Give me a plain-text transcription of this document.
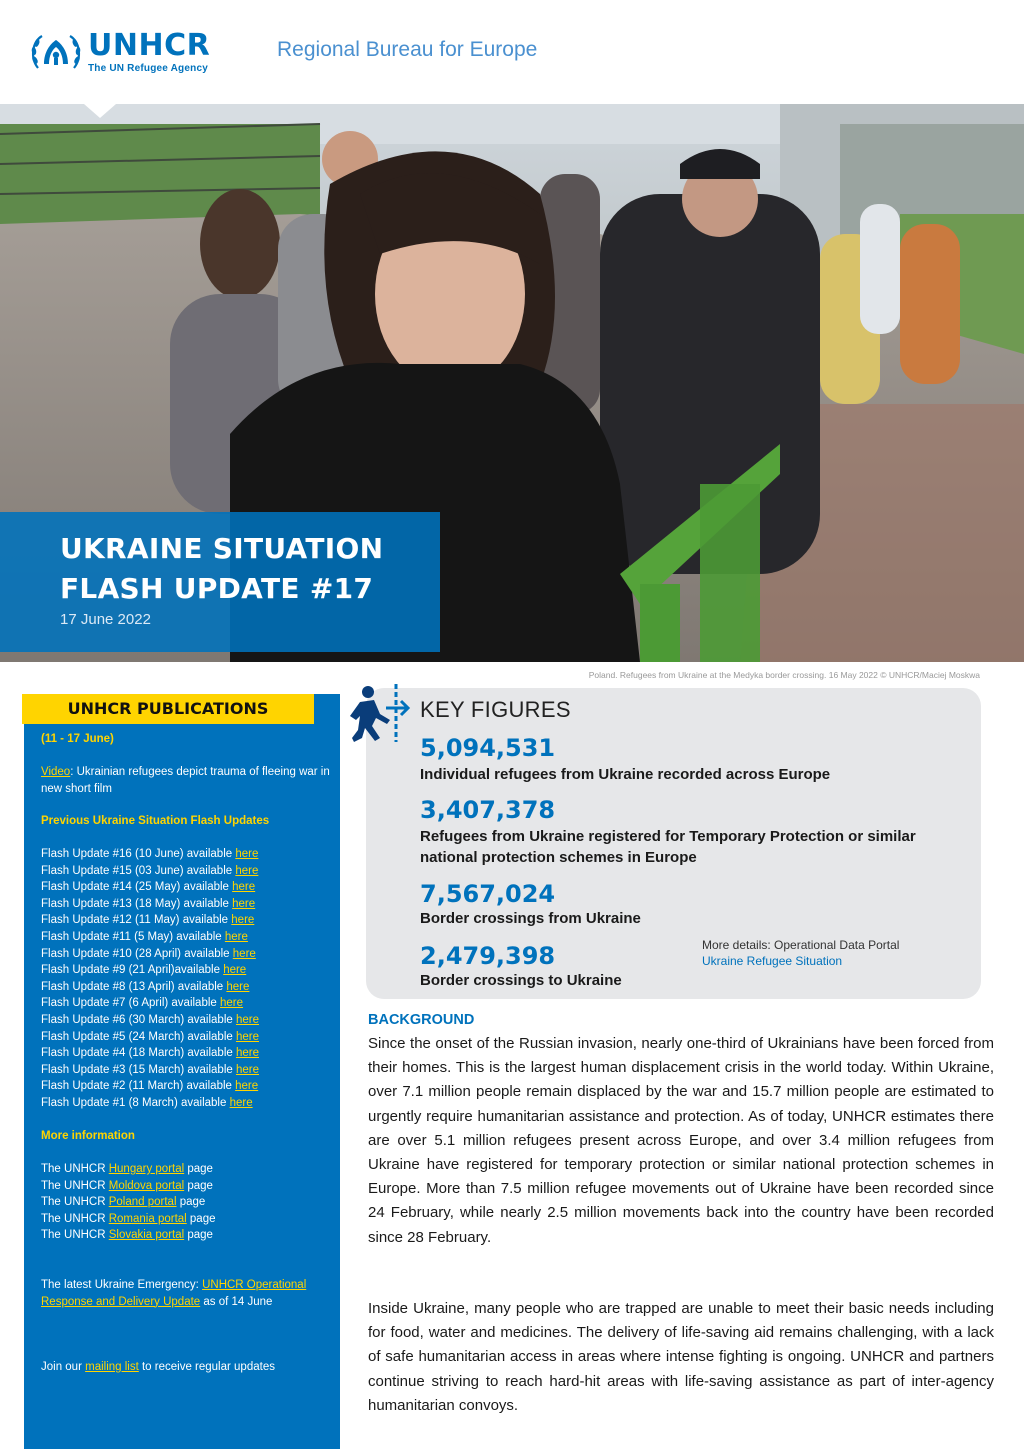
UNHCR
The UN Refugee Agency
Regional Bureau for Europe
UKRAINE SITUATION
FLASH UPDATE #17
17 June 2022
Poland. Refugees from Ukraine at the Medyka border crossing. 16 May 2022 © UNHCR/Maciej Moskwa
UNHCR PUBLICATIONS
(11 - 17 June)
Video: Ukrainian refugees depict trauma of fleeing war in new short film
Previous Ukraine Situation Flash Updates
Flash Update #16 (10 June) available here
Flash Update #15 (03 June) available here
Flash Update #14 (25 May) available here
Flash Update #13 (18 May) available here
Flash Update #12 (11 May) available here
Flash Update #11 (5 May) available here
Flash Update #10 (28 April) available here
Flash Update #9 (21 April)available here
Flash Update #8 (13 April) available here
Flash Update #7 (6 April) available here
Flash Update #6 (30 March) available here
Flash Update #5 (24 March) available here
Flash Update #4 (18 March) available here
Flash Update #3 (15 March) available here
Flash Update #2 (11 March) available here
Flash Update #1 (8 March) available here
More information
The UNHCR Hungary portal page
The UNHCR Moldova portal page
The UNHCR Poland portal page
The UNHCR Romania portal page
The UNHCR Slovakia portal page
The latest Ukraine Emergency: UNHCR Operational Response and Delivery Update as of 14 June
Join our mailing list to receive regular updates
KEY FIGURES
5,094,531
Individual refugees from Ukraine recorded across Europe
3,407,378
Refugees from Ukraine registered for Temporary Protection or similar national protection schemes in Europe
7,567,024
Border crossings from Ukraine
2,479,398
Border crossings to Ukraine
More details: Operational Data Portal
Ukraine Refugee Situation
BACKGROUND
Since the onset of the Russian invasion, nearly one-third of Ukrainians have been forced from their homes. This is the largest human displacement crisis in the world today. Within Ukraine, over 7.1 million people remain displaced by the war and 15.7 million people are estimated to urgently require humanitarian assistance and protection. As of today, UNHCR estimates there are over 5.1 million refugees present across Europe, and over 3.4 million refugees from Ukraine have registered for temporary protection or similar national protection schemes in Europe. More than 7.5 million refugee movements out of Ukraine have been recorded since 24 February, while nearly 2.5 million movements back into the country have been recorded since 28 February.
Inside Ukraine, many people who are trapped are unable to meet their basic needs including for food, water and medicines. The delivery of life-saving aid remains challenging, with a lack of safe humanitarian access in areas where intense fighting is ongoing. UNHCR and partners continue striving to reach hard-hit areas with life-saving assistance as part of inter-agency humanitarian convoys.
